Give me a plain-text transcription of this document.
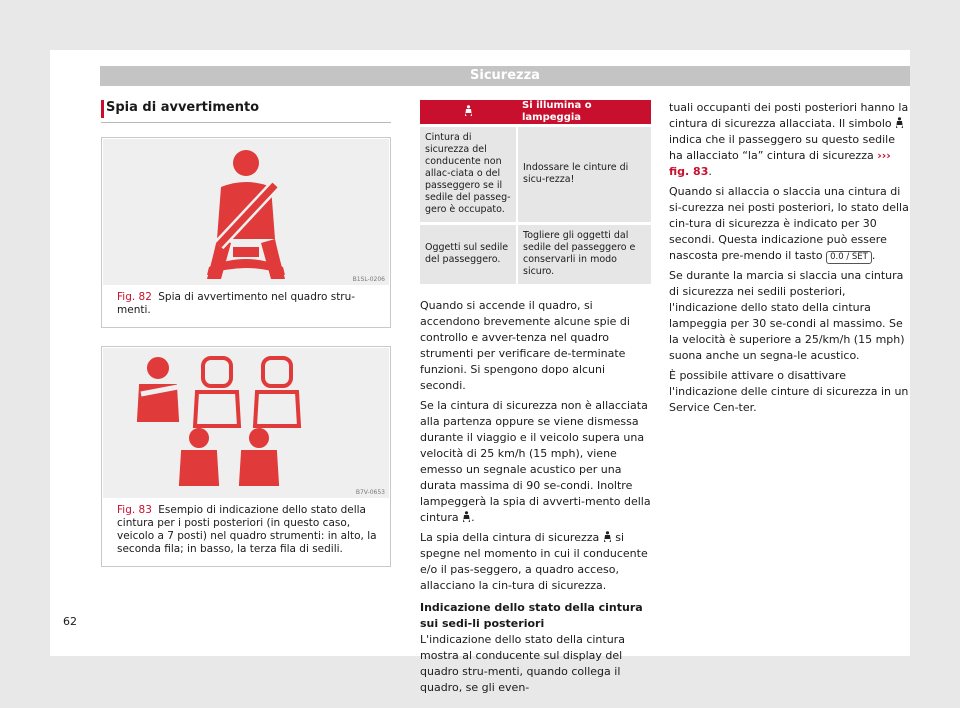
Sicurezza
Spia di avvertimento
B1SL-0206
Fig. 82 Spia di avvertimento nel quadro stru-menti.
B7V-0653
Fig. 83 Esempio di indicazione dello stato della cintura per i posti posteriori (in questo caso, veicolo a 7 posti) nel quadro strumenti: in alto, la seconda fila; in basso, la terza fila di sedili.
	Si illumina o lampeggia
Cintura di sicurezza del conducente non allac-ciata o del passeggero se il sedile del passeg-gero è occupato.	Indossare le cinture di sicu-rezza!
Oggetti sul sedile del passeggero.	Togliere gli oggetti dal sedile del passeggero e conservarli in modo sicuro.

Quando si accende il quadro, si accendono brevemente alcune spie di controllo e avver-tenza nel quadro strumenti per verificare de-terminate funzioni. Si spengono dopo alcuni secondi.

Se la cintura di sicurezza non è allacciata alla partenza oppure se viene dismessa durante il viaggio e il veicolo supera una velocità di 25 km/h (15 mph), viene emesso un segnale acustico per una durata massima di 90 se-condi. Inoltre lampeggerà la spia di avverti-mento della cintura .

La spia della cintura di sicurezza si spegne nel momento in cui il conducente e/o il pas-seggero, a quadro acceso, allacciano la cin-tura di sicurezza.

Indicazione dello stato della cintura sui sedi-li posteriori

L'indicazione dello stato della cintura mostra al conducente sul display del quadro stru-menti, quando collega il quadro, se gli even-

tuali occupanti dei posti posteriori hanno la cintura di sicurezza allacciata. Il simbolo  indica che il passeggero su questo sedile ha allacciato “la” cintura di sicurezza ››› fig. 83.

Quando si allaccia o slaccia una cintura di si-curezza nei posti posteriori, lo stato della cin-tura di sicurezza è indicato per 30 secondi. Questa indicazione può essere nascosta pre-mendo il tasto 0.0 / SET .

Se durante la marcia si slaccia una cintura di sicurezza nei sedili posteriori, l'indicazione dello stato della cintura lampeggia per 30 se-condi al massimo. Se la velocità è superiore a 25/km/h (15 mph) suona anche un segna-le acustico.

È possibile attivare o disattivare l'indicazione delle cinture di sicurezza in un Service Cen-ter.

62
